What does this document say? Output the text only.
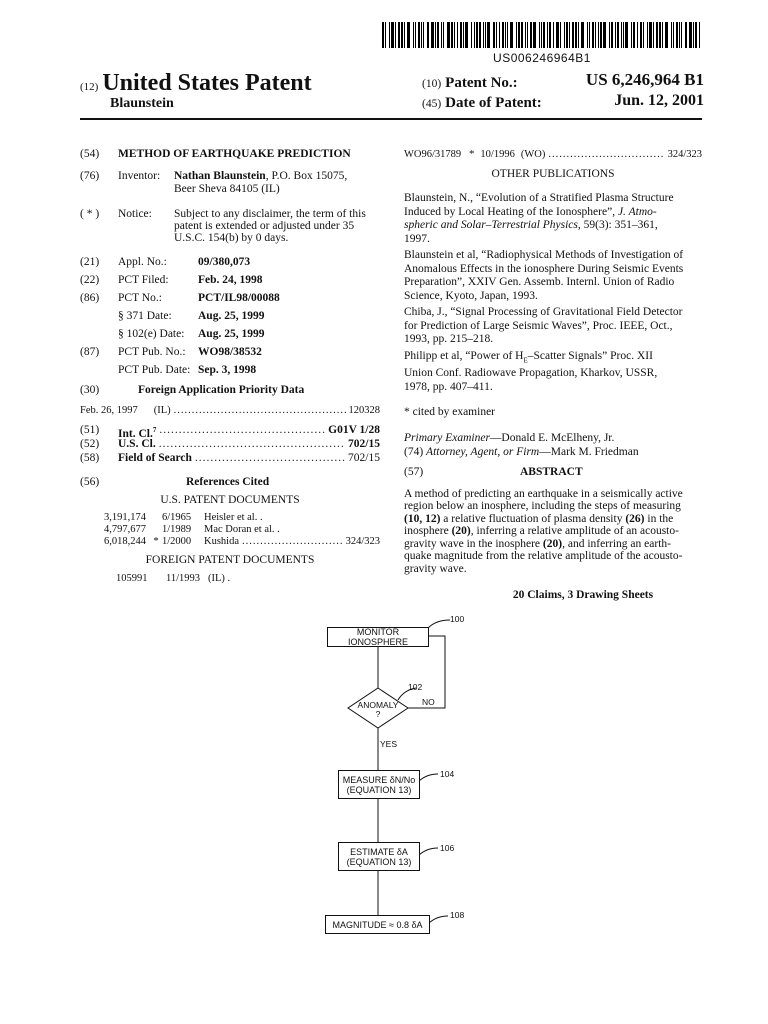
US006246964B1
(12) United States Patent
Blaunstein
(10) Patent No.:	US 6,246,964 B1
(45) Date of Patent:	Jun. 12, 2001
(54) METHOD OF EARTHQUAKE PREDICTION
(76) Inventor: Nathan Blaunstein, P.O. Box 15075,
Beer Sheva 84105 (IL)
( * ) Notice: Subject to any disclaimer, the term of this
patent is extended or adjusted under 35
U.S.C. 154(b) by 0 days.
(21) Appl. No.:	09/380,073
(22) PCT Filed:	Feb. 24, 1998
(86) PCT No.:	PCT/IL98/00088
§ 371 Date: Aug. 25, 1999
§ 102(e) Date: Aug. 25, 1999
(87) PCT Pub. No.: WO98/38532
PCT Pub. Date: Sep. 3, 1998
(30)	Foreign Application Priority Data
Feb. 26, 1997 (IL) .....	120328
(51) Int. Cl.$^7$ .....	G01V 1/28
(52) U.S. Cl. .....	702/15
(58) Field of Search .....	702/15
(56)	References Cited
U.S. PATENT DOCUMENTS
3,191,174	6/1965	Heisler et al. .
4,797,677	1/1989	Mac Doran et al. .
6,018,244 * 1/2000	Kushida .....	324/323
FOREIGN PATENT DOCUMENTS
105991 11/1993 (IL) .
WO96/31789 * 10/1996 (WO) .....	324/323
OTHER PUBLICATIONS
Blaunstein, N., “Evolution of a Stratified Plasma Structure
Induced by Local Heating of the Ionosphere”, J. Atmo-
spheric and Solar–Terrestrial Physics, 59(3): 351–361,
1997.
Blaunstein et al, “Radiophysical Methods of Investigation of
Anomalous Effects in the ionosphere During Seismic Events
Preparation”, XXIV Gen. Assemb. Internl. Union of Radio
Science, Kyoto, Japan, 1993.
Chiba, J., “Signal Processing of Gravitational Field Detector
for Prediction of Large Seismic Waves”, Proc. IEEE, Oct.,
1993, pp. 215–218.
Philipp et al, “Power of $H_E$–Scatter Signals” Proc. XII
Union Conf. Radiowave Propagation, Kharkov, USSR,
1978, pp. 407–411.
* cited by examiner
Primary Examiner—Donald E. McElheny, Jr.
(74) Attorney, Agent, or Firm—Mark M. Friedman
(57)	ABSTRACT
A method of predicting an earthquake in a seismically active
region below an inosphere, including the steps of measuring
(10, 12) a relative fluctuation of plasma density (26) in the
inosphere (20), inferring a relative amplitude of an acousto-
gravity wave in the inosphere (20), and inferring an earth-
quake magnitude from the relative amplitude of the acousto-
gravity wave.
20 Claims, 3 Drawing Sheets
MONITOR IONOSPHERE
100
ANOMALY
?
102
NO
YES
MEASURE δN/No
(EQUATION 13)
104
ESTIMATE δA
(EQUATION 13)
106
MAGNITUDE ≈ 0.8 δA
108
